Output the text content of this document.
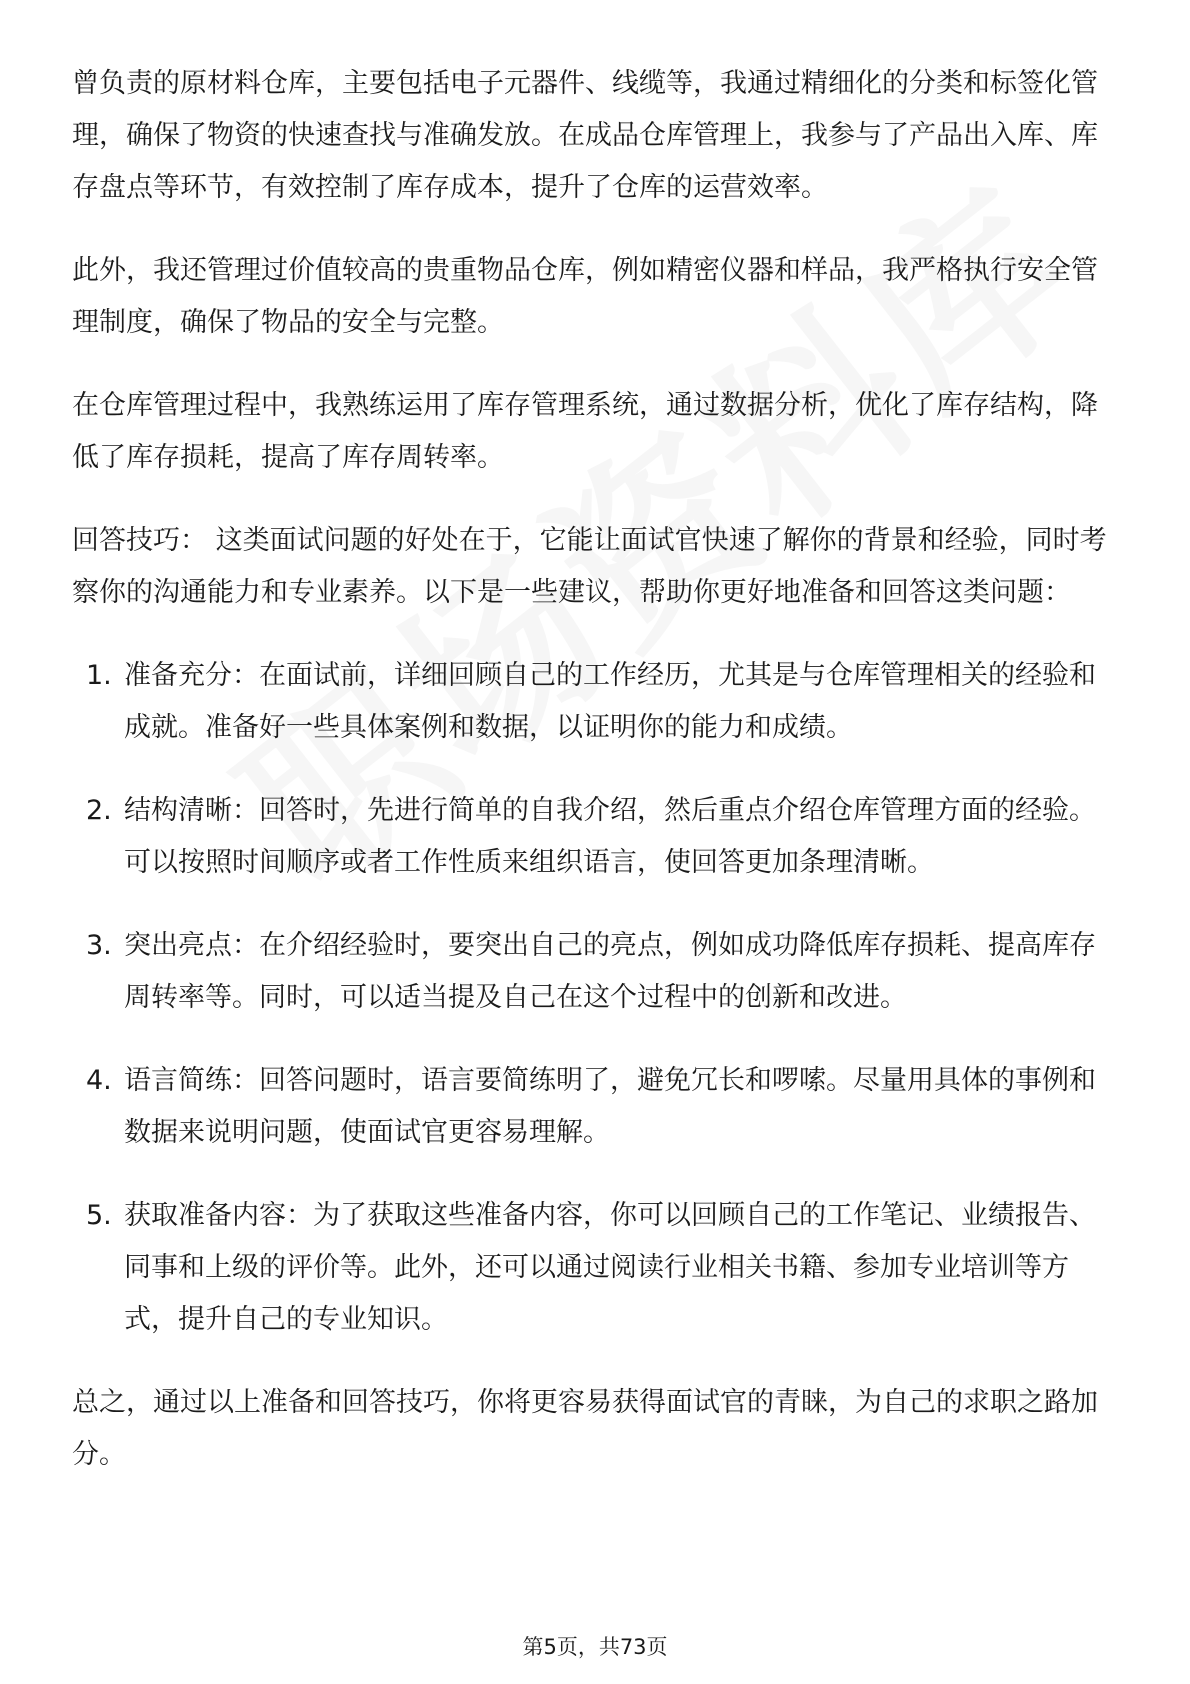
曾负责的原材料仓库，主要包括电子元器件、线缆等，我通过精细化的分类和标签化管理，确保了物资的快速查找与准确发放。在成品仓库管理上，我参与了产品出入库、库存盘点等环节，有效控制了库存成本，提升了仓库的运营效率。

此外，我还管理过价值较高的贵重物品仓库，例如精密仪器和样品，我严格执行安全管理制度，确保了物品的安全与完整。

在仓库管理过程中，我熟练运用了库存管理系统，通过数据分析，优化了库存结构，降低了库存损耗，提高了库存周转率。

回答技巧： 这类面试问题的好处在于，它能让面试官快速了解你的背景和经验，同时考察你的沟通能力和专业素养。以下是一些建议，帮助你更好地准备和回答这类问题：

1. 准备充分：在面试前，详细回顾自己的工作经历，尤其是与仓库管理相关的经验和成就。准备好一些具体案例和数据，以证明你的能力和成绩。
2. 结构清晰：回答时，先进行简单的自我介绍，然后重点介绍仓库管理方面的经验。可以按照时间顺序或者工作性质来组织语言，使回答更加条理清晰。
3. 突出亮点：在介绍经验时，要突出自己的亮点，例如成功降低库存损耗、提高库存周转率等。同时，可以适当提及自己在这个过程中的创新和改进。
4. 语言简练：回答问题时，语言要简练明了，避免冗长和啰嗦。尽量用具体的事例和数据来说明问题，使面试官更容易理解。
5. 获取准备内容：为了获取这些准备内容，你可以回顾自己的工作笔记、业绩报告、同事和上级的评价等。此外，还可以通过阅读行业相关书籍、参加专业培训等方式，提升自己的专业知识。

总之，通过以上准备和回答技巧，你将更容易获得面试官的青睐，为自己的求职之路加分。

第5页，共73页
